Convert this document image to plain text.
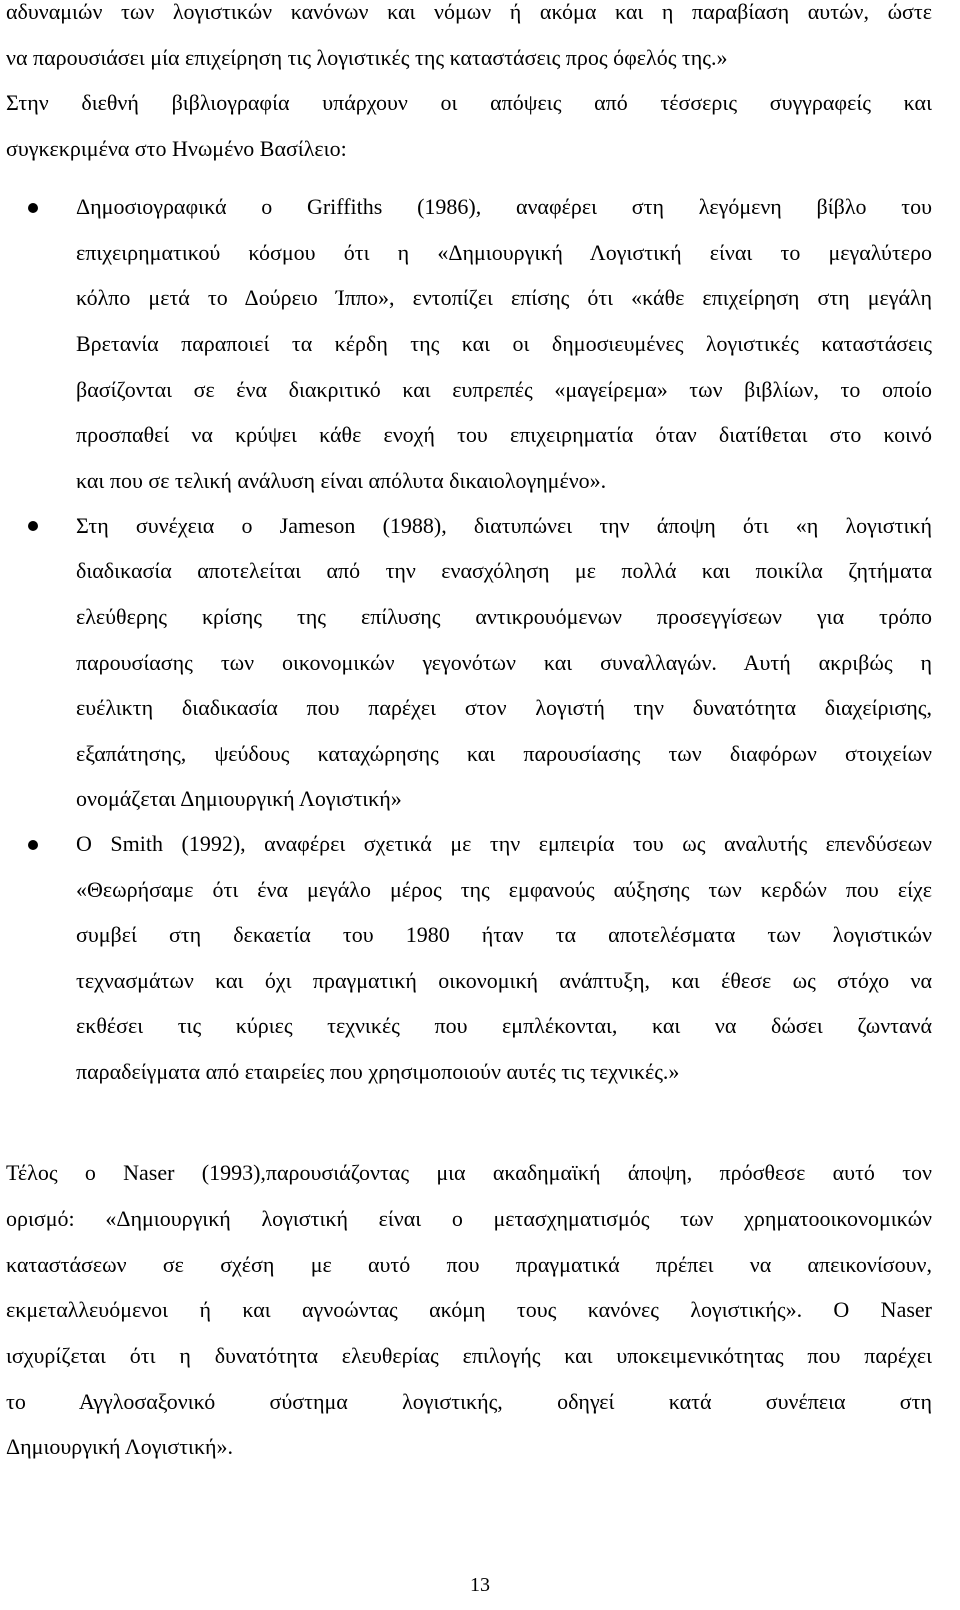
αδυναμιών των λογιστικών κανόνων και νόμων ή ακόμα και η παραβίαση αυτών, ώστε
να παρουσιάσει μία επιχείρηση τις λογιστικές της καταστάσεις προς όφελός της.»
Στην διεθνή βιβλιογραφία υπάρχουν οι απόψεις από τέσσερις συγγραφείς και
συγκεκριμένα στο Ηνωμένο Βασίλειο:
Δημοσιογραφικά ο Griffiths (1986), αναφέρει στη λεγόμενη βίβλο του
επιχειρηματικού κόσμου ότι η «Δημιουργική Λογιστική είναι το μεγαλύτερο
κόλπο μετά το Δούρειο Ίππο», εντοπίζει επίσης ότι «κάθε επιχείρηση στη μεγάλη
Βρετανία παραποιεί τα κέρδη της και οι δημοσιευμένες λογιστικές καταστάσεις
βασίζονται σε ένα διακριτικό και ευπρεπές «μαγείρεμα» των βιβλίων, το οποίο
προσπαθεί να κρύψει κάθε ενοχή του επιχειρηματία όταν διατίθεται στο κοινό
και που σε τελική ανάλυση είναι απόλυτα δικαιολογημένο».
Στη συνέχεια ο Jameson (1988), διατυπώνει την άποψη ότι «η λογιστική
διαδικασία αποτελείται από την ενασχόληση με πολλά και ποικίλα ζητήματα
ελεύθερης κρίσης της επίλυσης αντικρουόμενων προσεγγίσεων για τρόπο
παρουσίασης των οικονομικών γεγονότων και συναλλαγών. Αυτή ακριβώς η
ευέλικτη διαδικασία που παρέχει στον λογιστή την δυνατότητα διαχείρισης,
εξαπάτησης, ψεύδους καταχώρησης και παρουσίασης των διαφόρων στοιχείων
ονομάζεται Δημιουργική Λογιστική»
Ο Smith (1992), αναφέρει σχετικά με την εμπειρία του ως αναλυτής επενδύσεων
«Θεωρήσαμε ότι ένα μεγάλο μέρος της εμφανούς αύξησης των κερδών που είχε
συμβεί στη δεκαετία του 1980 ήταν τα αποτελέσματα των λογιστικών
τεχνασμάτων και όχι πραγματική οικονομική ανάπτυξη, και έθεσε ως στόχο να
εκθέσει τις κύριες τεχνικές που εμπλέκονται, και να δώσει ζωντανά
παραδείγματα από εταιρείες που χρησιμοποιούν αυτές τις τεχνικές.»
Τέλος ο Naser (1993),παρουσιάζοντας μια ακαδημαϊκή άποψη, πρόσθεσε αυτό τον
ορισμό: «Δημιουργική λογιστική είναι ο μετασχηματισμός των χρηματοοικονομικών
καταστάσεων σε σχέση με αυτό που πραγματικά πρέπει να απεικονίσουν,
εκμεταλλευόμενοι ή και αγνοώντας ακόμη τους κανόνες λογιστικής». Ο Naser
ισχυρίζεται ότι η δυνατότητα ελευθερίας επιλογής και υποκειμενικότητας που παρέχει
το Αγγλοσαξονικό σύστημα λογιστικής, οδηγεί κατά συνέπεια στη
Δημιουργική Λογιστική».
13
